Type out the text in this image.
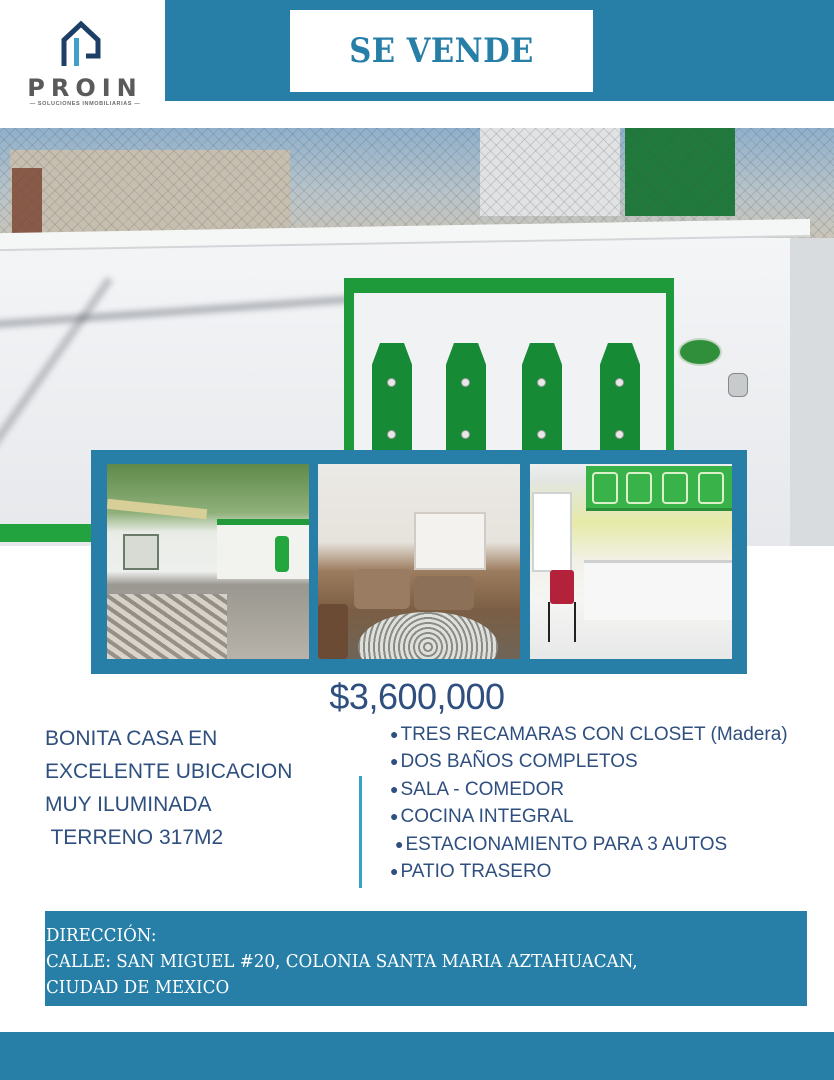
PROIN
— SOLUCIONES INMOBILIARIAS —
SE VENDE
$3,600,000
BONITA CASA EN
EXCELENTE UBICACION
MUY ILUMINADA
TERRENO 317M2
● TRES RECAMARAS CON CLOSET (Madera)
● DOS BAÑOS COMPLETOS
● SALA - COMEDOR
● COCINA INTEGRAL
● ESTACIONAMIENTO PARA 3 AUTOS
● PATIO TRASERO
DIRECCIÓN:
CALLE: SAN MIGUEL #20, COLONIA SANTA MARIA AZTAHUACAN,
CIUDAD DE MEXICO
